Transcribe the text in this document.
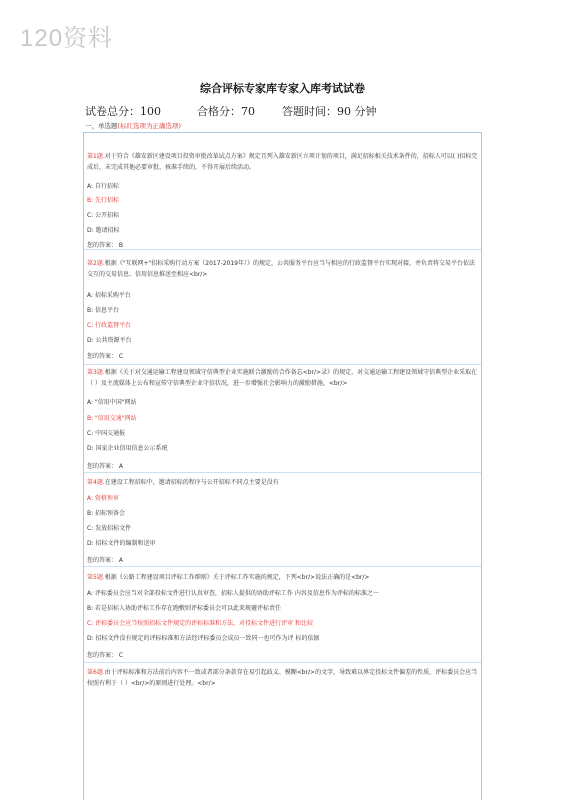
120资料
综合评标专家库专家入库考试试卷
试卷总分：100	合格分：70 答题时间：90 分钟
一、单选题(标红选项为正确选项)
第1题.对于符合《雄安新区建设项目投资审批改革试点方案》规定且列入雄安新区立项计划的项目，满足招标相关技术条件的，招标人可以( )招标完成后，未完成其他必要审批、核准手续的，不得开展后续活动。
A: 自行招标
B: 先行招标
C: 公开招标
D: 邀请招标
您的答案： B
第2题.根据《"互联网+"招标采购行动方案（2017-2019年）》的规定，公共服务平台应当与相应的行政监督平台实现对接，并负责将交易平台依法交互的交易信息、信用信息推送至相应<br/>
A: 招标采购平台
B: 信息平台
C: 行政监督平台
D: 公共资源平台
您的答案： C
第3题.根据《关于对交通运输工程建设领域守信典型企业实施联合激励的合作备忘<br/>录》的规定，对交通运输工程建设领域守信典型企业采取在（ ）及主流媒体上公布和宣传守信典型企业守信状况，进一步增强社会影响力的激励措施。<br/>
A: "信用中国"网站
B: "信用交通"网站
C: 中国交通报
D: 国家企业信用信息公示系统
您的答案： A
第4题.在建设工程招标中，邀请招标的程序与公开招标不同点主要是没有
A: 资格预审
B: 招标预备会
C: 发放招标文件
D: 招标文件的编制和送审
您的答案： A
第5题.根据《公路工程建设项目评标工作细则》关于评标工作实施的规定，下列<br/>说法正确的是<br/>
A: 评标委员会应当对全部投标文件进行认真审查，招标人提供的协助评标工作 内容及信息作为评标的标准之一
B: 若是招标人协助评标工作存在跑敷则评标委员会可以此来规避评标责任
C: 评标委员会应当按照招标文件规定的评标标准和方法，对投标文件进行评审 和比较
D: 招标文件没有规定的评标标准和方法经评标委员会成员一致同一也可作为评 标的依据
您的答案： C
第6题.由于评标标准和方法前后内容不一致或者部分条款存在易引起歧义、模糊<br/>的文字，导致难以界定投标文件偏差的性质，评标委员会应当按照有利于（ ）<br/>的原则进行处理。<br/>
